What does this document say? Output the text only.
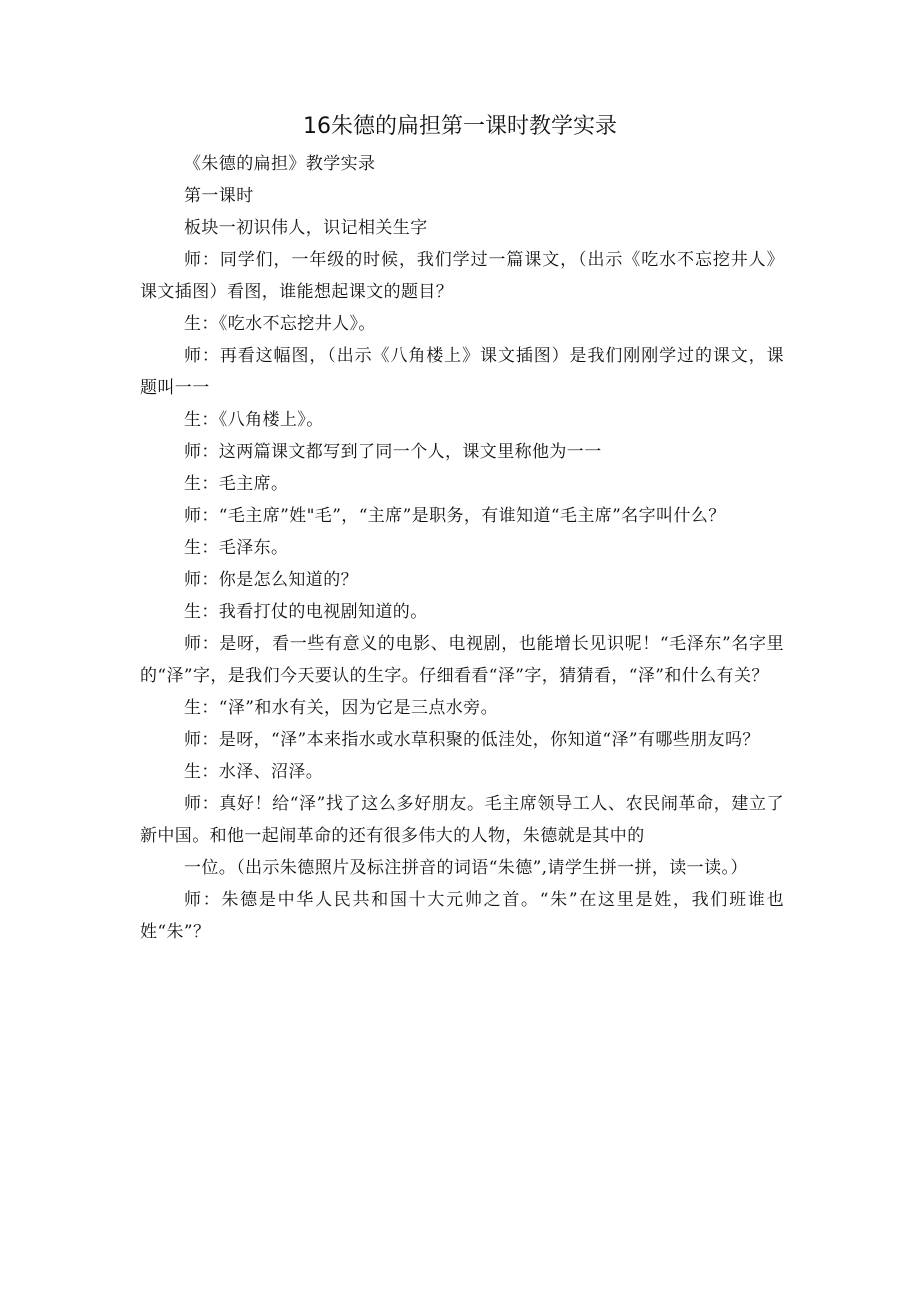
16朱德的扁担第一课时教学实录

《朱德的扁担》教学实录

第一课时

板块一初识伟人，识记相关生字

师：同学们，一年级的时候，我们学过一篇课文，（出示《吃水不忘挖井人》课文插图）看图，谁能想起课文的题目？

生：《吃水不忘挖井人》。

师：再看这幅图，（出示《八角楼上》课文插图）是我们刚刚学过的课文，课题叫一一

生：《八角楼上》。

师：这两篇课文都写到了同一个人，课文里称他为一一

生：毛主席。

师：“毛主席”姓"毛”，“主席”是职务，有谁知道“毛主席”名字叫什么？

生：毛泽东。

师：你是怎么知道的？

生：我看打仗的电视剧知道的。

师：是呀，看一些有意义的电影、电视剧，也能增长见识呢！“毛泽东”名字里的“泽”字，是我们今天要认的生字。仔细看看“泽”字，猜猜看，“泽”和什么有关？

生：“泽”和水有关，因为它是三点水旁。

师：是呀，“泽”本来指水或水草积聚的低洼处，你知道“泽”有哪些朋友吗？

生：水泽、沼泽。

师：真好！给“泽”找了这么多好朋友。毛主席领导工人、农民闹革命，建立了新中国。和他一起闹革命的还有很多伟大的人物，朱德就是其中的

一位。（出示朱德照片及标注拼音的词语“朱德”,请学生拼一拼，读一读。）

师：朱德是中华人民共和国十大元帅之首。“朱”在这里是姓，我们班谁也姓“朱”？
